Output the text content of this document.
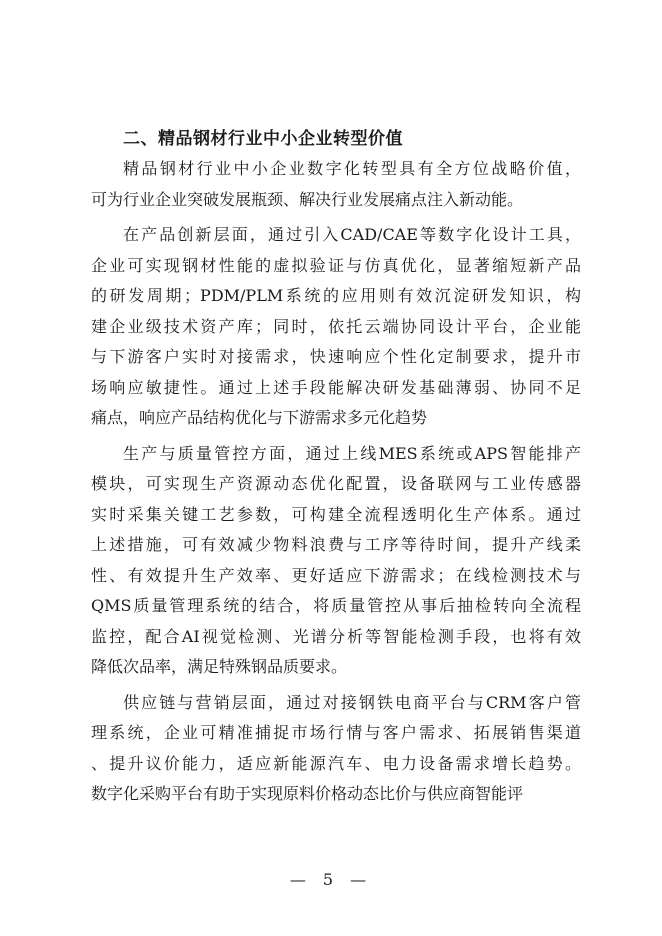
二、精品钢材行业中小企业转型价值
精品钢材行业中小企业数字化转型具有全方位战略价值，
可为行业企业突破发展瓶颈、解决行业发展痛点注入新动能。
在产品创新层面，通过引入CAD/CAE等数字化设计工具，
企业可实现钢材性能的虚拟验证与仿真优化，显著缩短新产品
的研发周期；PDM/PLM系统的应用则有效沉淀研发知识，构
建企业级技术资产库；同时，依托云端协同设计平台，企业能
与下游客户实时对接需求，快速响应个性化定制要求，提升市
场响应敏捷性。通过上述手段能解决研发基础薄弱、协同不足
痛点，响应产品结构优化与下游需求多元化趋势
生产与质量管控方面，通过上线MES系统或APS智能排产
模块，可实现生产资源动态优化配置，设备联网与工业传感器
实时采集关键工艺参数，可构建全流程透明化生产体系。通过
上述措施，可有效减少物料浪费与工序等待时间，提升产线柔
性、有效提升生产效率、更好适应下游需求；在线检测技术与
QMS质量管理系统的结合，将质量管控从事后抽检转向全流程
监控，配合AI视觉检测、光谱分析等智能检测手段，也将有效
降低次品率，满足特殊钢品质要求。
供应链与营销层面，通过对接钢铁电商平台与CRM客户管
理系统，企业可精准捕捉市场行情与客户需求、拓展销售渠道
、提升议价能力，适应新能源汽车、电力设备需求增长趋势。
数字化采购平台有助于实现原料价格动态比价与供应商智能评
— 5 —
